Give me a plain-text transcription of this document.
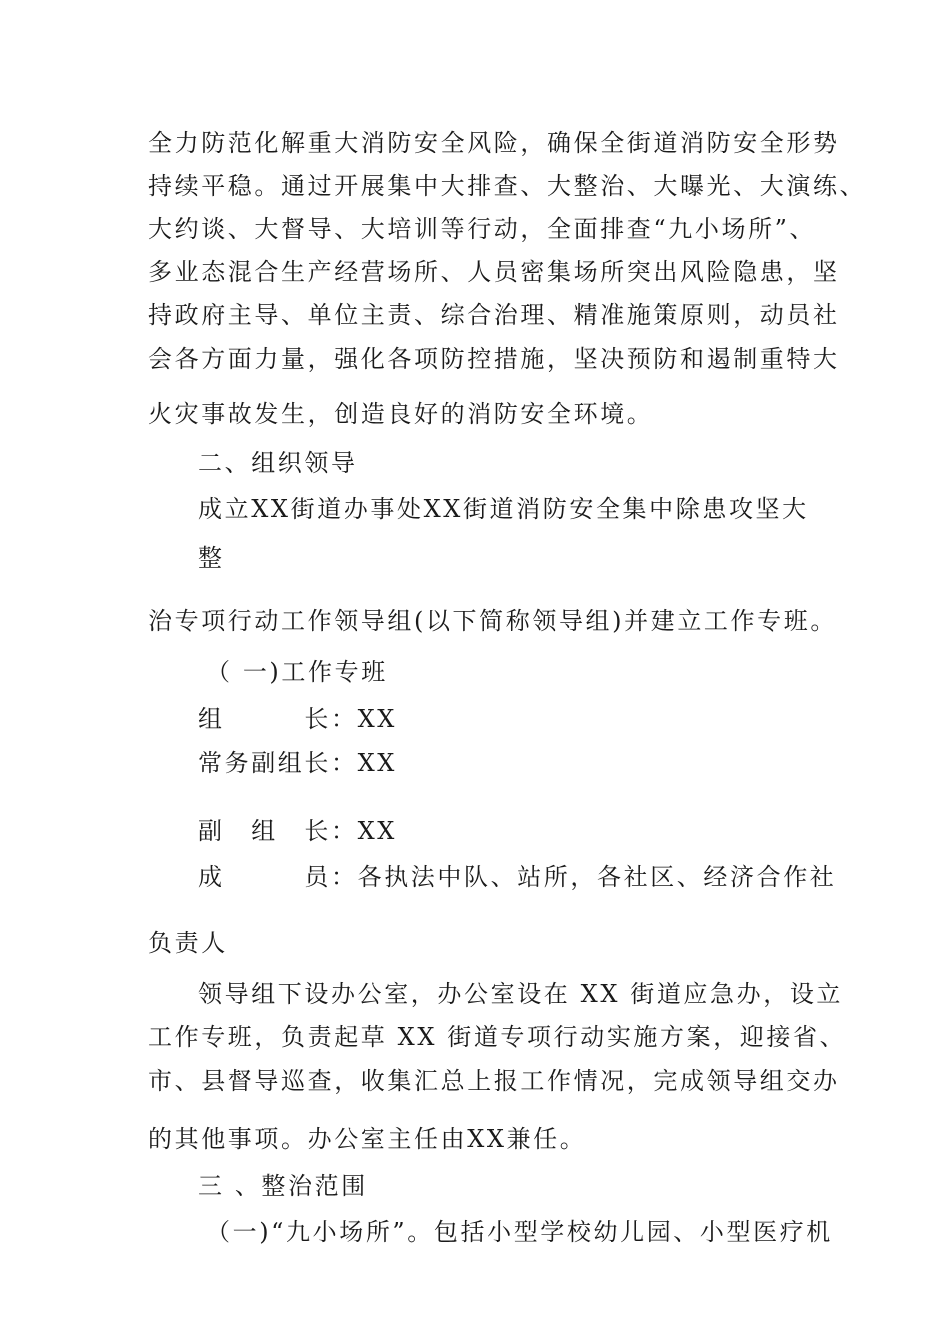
全力防范化解重大消防安全风险，确保全街道消防安全形势
持续平稳。通过开展集中大排查、大整治、大曝光、大演练、
大约谈、大督导、大培训等行动，全面排查“九小场所”、
多业态混合生产经营场所、人员密集场所突出风险隐患，坚
持政府主导、单位主责、综合治理、精准施策原则，动员社
会各方面力量，强化各项防控措施，坚决预防和遏制重特大
火灾事故发生，创造良好的消防安全环境。
二、组织领导
成立XX街道办事处XX街道消防安全集中除患攻坚大
整
治专项行动工作领导组(以下简称领导组)并建立工作专班。
（ 一)工作专班
组　　　长：XX
常务副组长：XX
副　组　长：XX
成　　　员：各执法中队、站所，各社区、经济合作社
负责人
领导组下设办公室，办公室设在 XX 街道应急办，设立
工作专班，负责起草 XX 街道专项行动实施方案，迎接省、
市、县督导巡查，收集汇总上报工作情况，完成领导组交办
的其他事项。办公室主任由XX兼任。
三 、整治范围
（一)“九小场所”。包括小型学校幼儿园、小型医疗机
